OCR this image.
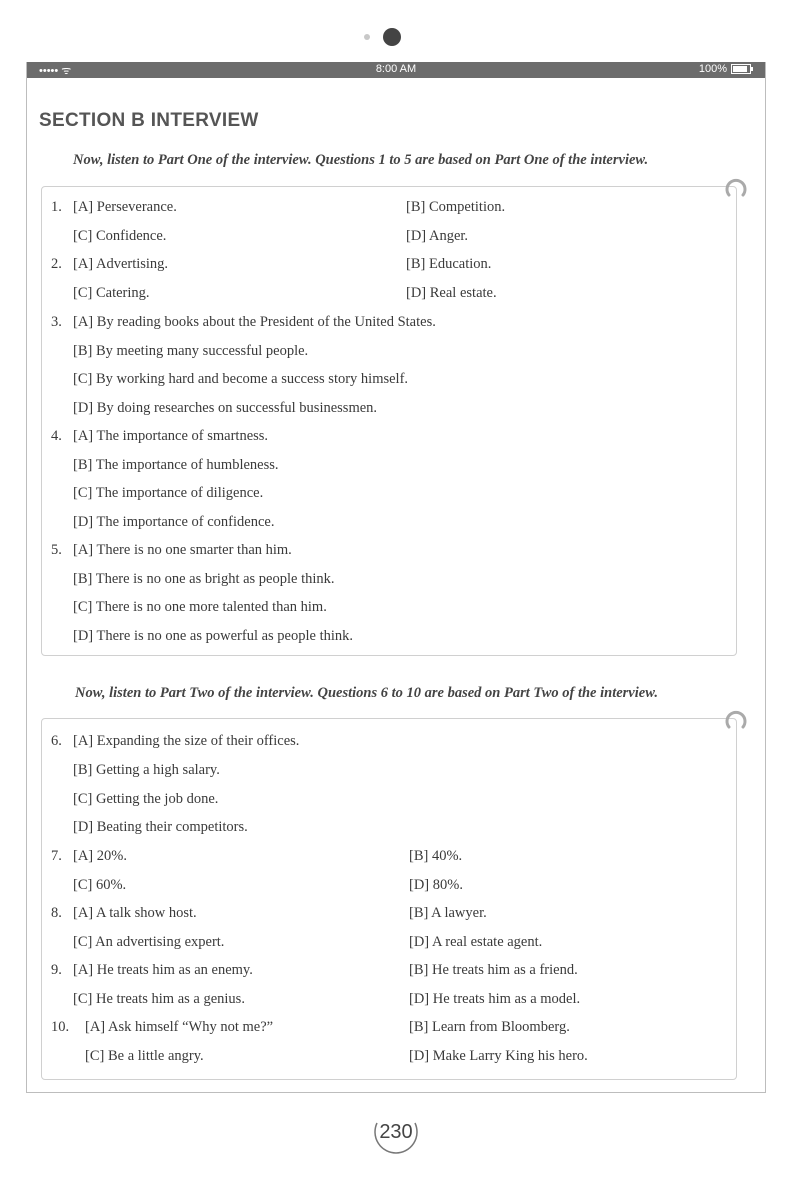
••••• ᯤ	8:00 AM	100%
SECTION B INTERVIEW
Now, listen to Part One of the interview. Questions 1 to 5 are based on Part One of the interview.
1. [A] Perseverance.	[B] Competition.
[C] Confidence.	[D] Anger.
2. [A] Advertising.	[B] Education.
[C] Catering.	[D] Real estate.
3. [A] By reading books about the President of the United States.
[B] By meeting many successful people.
[C] By working hard and become a success story himself.
[D] By doing researches on successful businessmen.
4. [A] The importance of smartness.
[B] The importance of humbleness.
[C] The importance of diligence.
[D] The importance of confidence.
5. [A] There is no one smarter than him.
[B] There is no one as bright as people think.
[C] There is no one more talented than him.
[D] There is no one as powerful as people think.
Now, listen to Part Two of the interview. Questions 6 to 10 are based on Part Two of the interview.
6. [A] Expanding the size of their offices.
[B] Getting a high salary.
[C] Getting the job done.
[D] Beating their competitors.
7. [A] 20%.	[B] 40%.
[C] 60%.	[D] 80%.
8. [A] A talk show host.	[B] A lawyer.
[C] An advertising expert.	[D] A real estate agent.
9. [A] He treats him as an enemy.	[B] He treats him as a friend.
[C] He treats him as a genius.	[D] He treats him as a model.
10. [A] Ask himself “Why not me?”	[B] Learn from Bloomberg.
[C] Be a little angry.	[D] Make Larry King his hero.
230
